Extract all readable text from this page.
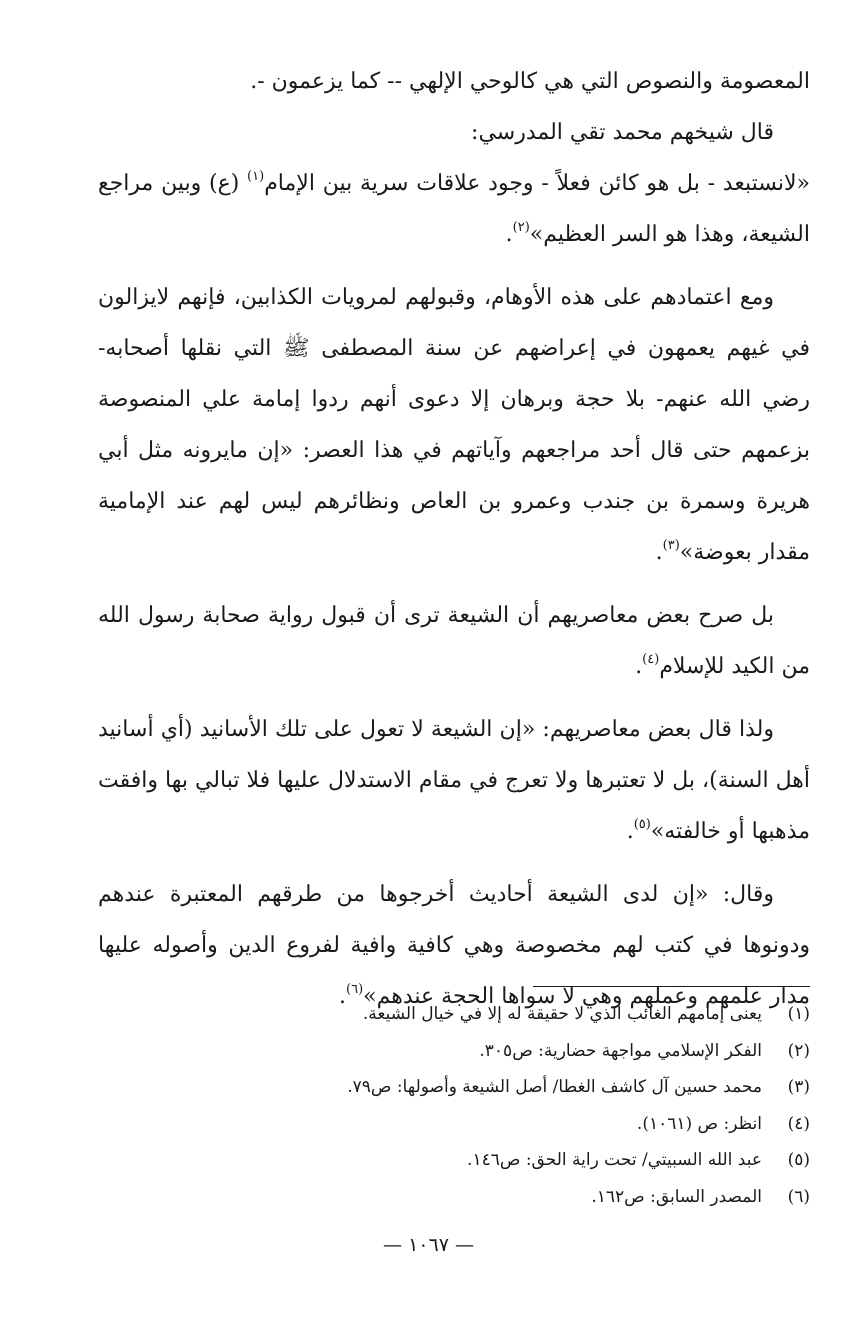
المعصومة والنصوص التي هي كالوحي الإلهي -- كما يزعمون -.

قال شيخهم محمد تقي المدرسي:

«لانستبعد - بل هو كائن فعلاً - وجود علاقات سرية بين الإمام$^{(١)}$ (ع) وبين مراجع الشيعة، وهذا هو السر العظيم»$^{(٢)}$.

ومع اعتمادهم على هذه الأوهام، وقبولهم لمرويات الكذابين، فإنهم لايزالون في غيهم يعمهون في إعراضهم عن سنة المصطفى ﷺ التي نقلها أصحابه- رضي الله عنهم- بلا حجة وبرهان إلا دعوى أنهم ردوا إمامة علي المنصوصة بزعمهم حتى قال أحد مراجعهم وآياتهم في هذا العصر: «إن مايرونه مثل أبي هريرة وسمرة بن جندب وعمرو بن العاص ونظائرهم ليس لهم عند الإمامية مقدار بعوضة»$^{(٣)}$.

بل صرح بعض معاصريهم أن الشيعة ترى أن قبول رواية صحابة رسول الله من الكيد للإسلام$^{(٤)}$.

ولذا قال بعض معاصريهم: «إن الشيعة لا تعول على تلك الأسانيد (أي أسانيد أهل السنة)، بل لا تعتبرها ولا تعرج في مقام الاستدلال عليها فلا تبالي بها وافقت مذهبها أو خالفته»$^{(٥)}$.

وقال: «إن لدى الشيعة أحاديث أخرجوها من طرقهم المعتبرة عندهم ودونوها في كتب لهم مخصوصة وهي كافية وافية لفروع الدين وأصوله عليها مدار علمهم وعملهم وهي لا سواها الحجة عندهم»$^{(٦)}$.

(١)
يعنى إمامهم الغائب الذي لا حقيقة له إلا في خيال الشيعة.
(٢)
الفكر الإسلامي مواجهة حضارية: ص٣٠٥.
(٣)
محمد حسين آل كاشف الغطا/ أصل الشيعة وأصولها: ص٧٩.
(٤)
انظر: ص (١٠٦١).
(٥)
عبد الله السبيتي/ تحت راية الحق: ص١٤٦.
(٦)
المصدر السابق: ص١٦٢.
— ١٠٦٧ —
